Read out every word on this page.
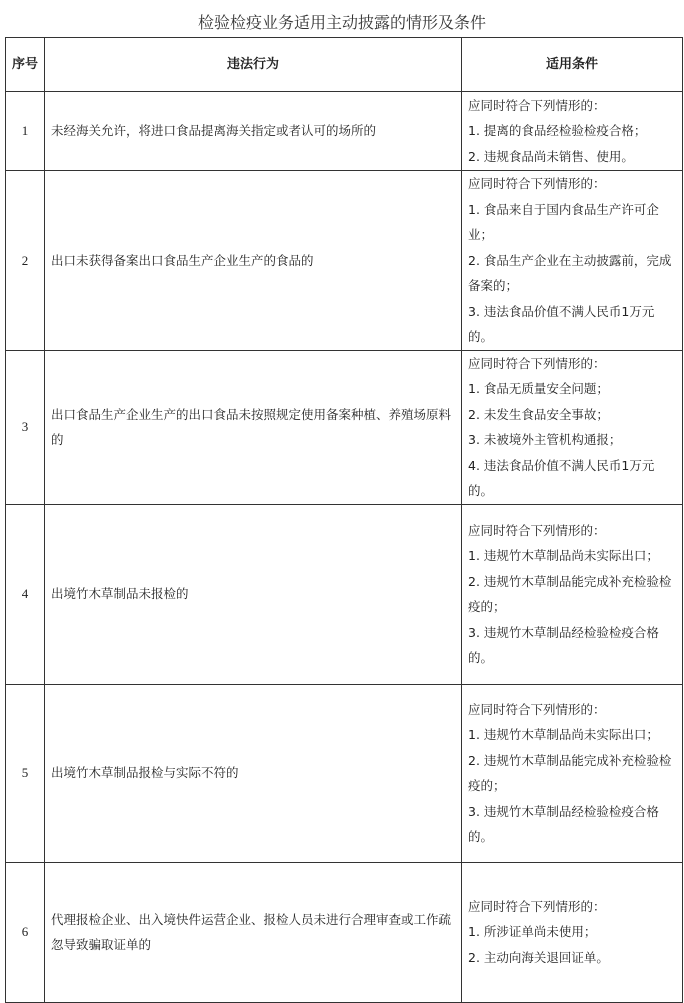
检验检疫业务适用主动披露的情形及条件
序号	违法行为	适用条件
1	未经海关允许，将进口食品提离海关指定或者认可的场所的	应同时符合下列情形的：
1. 提离的食品经检验检疫合格；
2. 违规食品尚未销售、使用。

2	出口未获得备案出口食品生产企业生产的食品的	应同时符合下列情形的：
1. 食品来自于国内食品生产许可企业；
2. 食品生产企业在主动披露前，完成备案的；
3. 违法食品价值不满人民币1万元的。

3	出口食品生产企业生产的出口食品未按照规定使用备案种植、养殖场原料的	应同时符合下列情形的：
1. 食品无质量安全问题；
2. 未发生食品安全事故；
3. 未被境外主管机构通报；
4. 违法食品价值不满人民币1万元的。

4	出境竹木草制品未报检的	应同时符合下列情形的：
1. 违规竹木草制品尚未实际出口；
2. 违规竹木草制品能完成补充检验检疫的；
3. 违规竹木草制品经检验检疫合格的。

5	出境竹木草制品报检与实际不符的	应同时符合下列情形的：
1. 违规竹木草制品尚未实际出口；
2. 违规竹木草制品能完成补充检验检疫的；
3. 违规竹木草制品经检验检疫合格的。

6	代理报检企业、出入境快件运营企业、报检人员未进行合理审查或工作疏忽导致骗取证单的	应同时符合下列情形的：
1. 所涉证单尚未使用；
2. 主动向海关退回证单。
